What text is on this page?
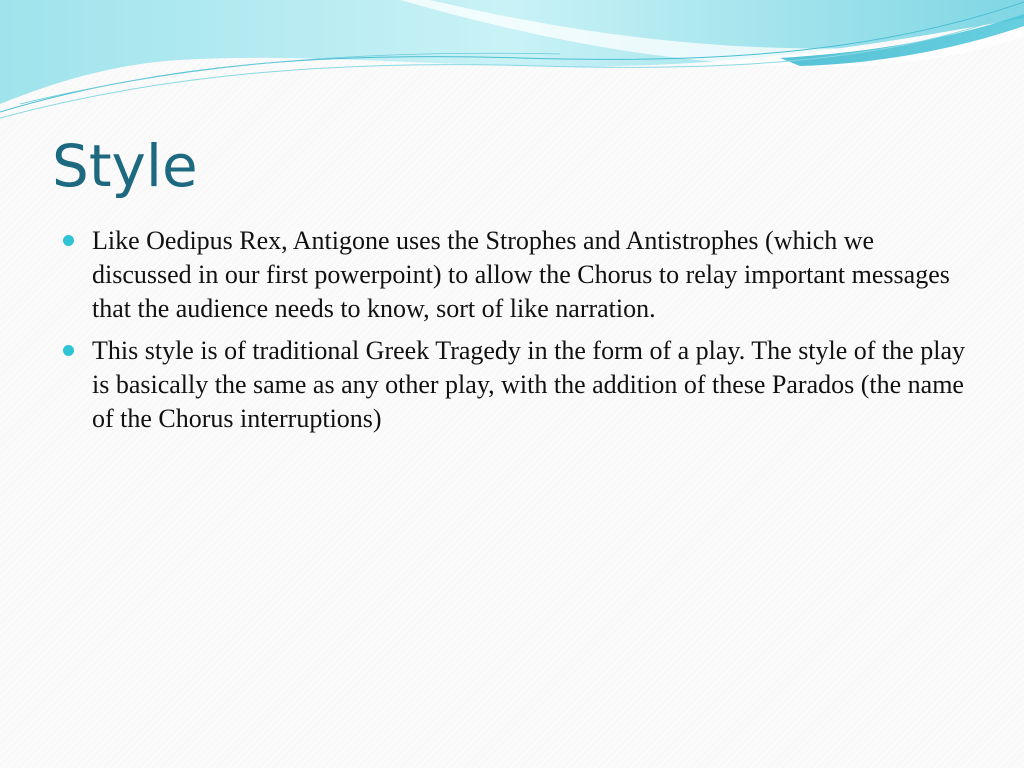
Style
Like Oedipus Rex, Antigone uses the Strophes and Antistrophes (which we discussed in our first powerpoint) to allow the Chorus to relay important messages that the audience needs to know, sort of like narration.
This style is of traditional Greek Tragedy in the form of a play. The style of the play is basically the same as any other play, with the addition of these Parados (the name of the Chorus interruptions)
